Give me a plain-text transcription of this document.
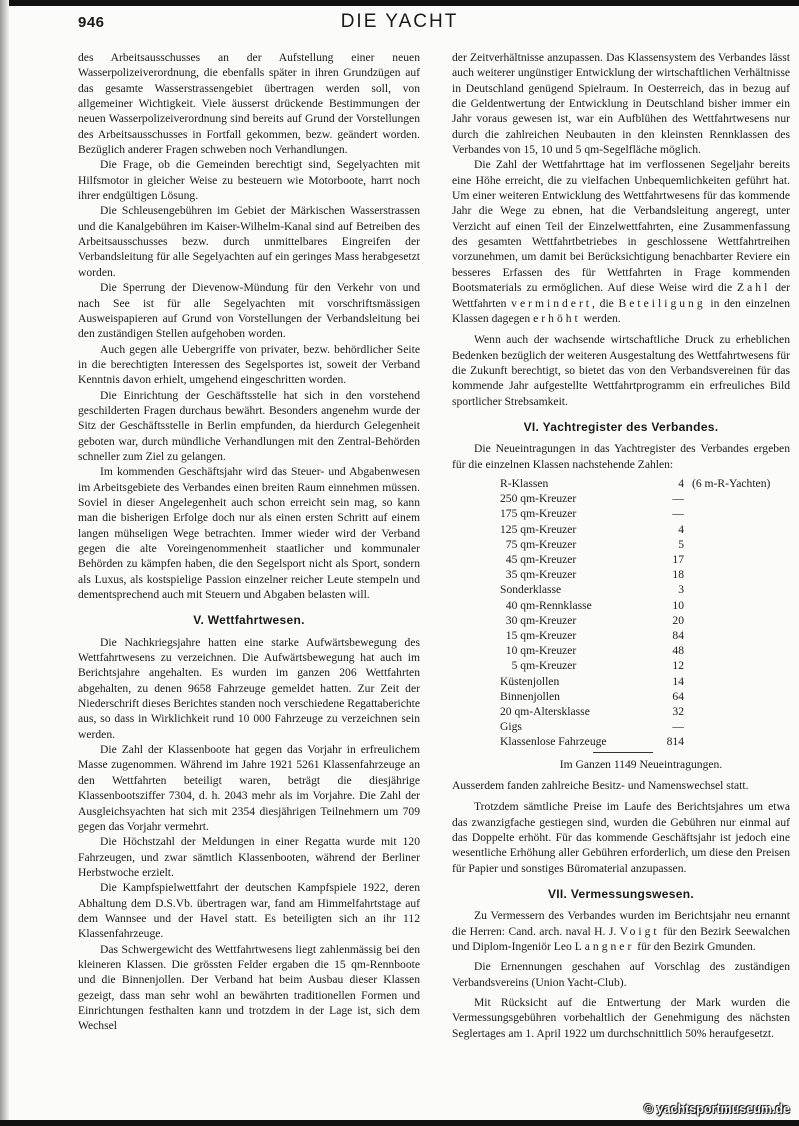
946	DIE YACHT

des Arbeitsausschusses an der Aufstellung einer neuen Wasserpolizeiverordnung, die ebenfalls später in ihren Grundzügen auf das gesamte Wasserstrassengebiet übertragen werden soll, von allgemeiner Wichtigkeit. Viele äusserst drückende Bestimmungen der neuen Wasserpolizeiverordnung sind bereits auf Grund der Vorstellungen des Arbeitsausschusses in Fortfall gekommen, bezw. geändert worden. Bezüglich anderer Fragen schweben noch Verhandlungen.

Die Frage, ob die Gemeinden berechtigt sind, Segelyachten mit Hilfsmotor in gleicher Weise zu besteuern wie Motorboote, harrt noch ihrer endgültigen Lösung.

Die Schleusengebühren im Gebiet der Märkischen Wasserstrassen und die Kanalgebühren im Kaiser-Wilhelm-Kanal sind auf Betreiben des Arbeitsausschusses bezw. durch unmittelbares Eingreifen der Verbandsleitung für alle Segelyachten auf ein geringes Mass herabgesetzt worden.

Die Sperrung der Dievenow-Mündung für den Verkehr von und nach See ist für alle Segelyachten mit vorschriftsmässigen Ausweispapieren auf Grund von Vorstellungen der Verbandsleitung bei den zuständigen Stellen aufgehoben worden.

Auch gegen alle Uebergriffe von privater, bezw. behördlicher Seite in die berechtigten Interessen des Segelsportes ist, soweit der Verband Kenntnis davon erhielt, umgehend eingeschritten worden.

Die Einrichtung der Geschäftsstelle hat sich in den vorstehend geschilderten Fragen durchaus bewährt. Besonders angenehm wurde der Sitz der Geschäftsstelle in Berlin empfunden, da hierdurch Gelegenheit geboten war, durch mündliche Verhandlungen mit den Zentral-Behörden schneller zum Ziel zu gelangen.

Im kommenden Geschäftsjahr wird das Steuer- und Abgabenwesen im Arbeitsgebiete des Verbandes einen breiten Raum einnehmen müssen. Soviel in dieser Angelegenheit auch schon erreicht sein mag, so kann man die bisherigen Erfolge doch nur als einen ersten Schritt auf einem langen mühseligen Wege betrachten. Immer wieder wird der Verband gegen die alte Voreingenommenheit staatlicher und kommunaler Behörden zu kämpfen haben, die den Segelsport nicht als Sport, sondern als Luxus, als kostspielige Passion einzelner reicher Leute stempeln und dementsprechend auch mit Steuern und Abgaben belasten will.

V. Wettfahrtwesen.

Die Nachkriegsjahre hatten eine starke Aufwärtsbewegung des Wettfahrtwesens zu verzeichnen. Die Aufwärtsbewegung hat auch im Berichtsjahre angehalten. Es wurden im ganzen 206 Wettfahrten abgehalten, zu denen 9658 Fahrzeuge gemeldet hatten. Zur Zeit der Niederschrift dieses Berichtes standen noch verschiedene Regattaberichte aus, so dass in Wirklichkeit rund 10 000 Fahrzeuge zu verzeichnen sein werden.

Die Zahl der Klassenboote hat gegen das Vorjahr in erfreulichem Masse zugenommen. Während im Jahre 1921 5261 Klassenfahrzeuge an den Wettfahrten beteiligt waren, beträgt die diesjährige Klassenbootsziffer 7304, d. h. 2043 mehr als im Vorjahre. Die Zahl der Ausgleichsyachten hat sich mit 2354 diesjährigen Teilnehmern um 709 gegen das Vorjahr vermehrt.

Die Höchstzahl der Meldungen in einer Regatta wurde mit 120 Fahrzeugen, und zwar sämtlich Klassenbooten, während der Berliner Herbstwoche erzielt.

Die Kampfspielwettfahrt der deutschen Kampfspiele 1922, deren Abhaltung dem D.S.Vb. übertragen war, fand am Himmelfahrtstage auf dem Wannsee und der Havel statt. Es beteiligten sich an ihr 112 Klassenfahrzeuge.

Das Schwergewicht des Wettfahrtwesens liegt zahlenmässig bei den kleineren Klassen. Die grössten Felder ergaben die 15 qm-Rennboote und die Binnenjollen. Der Verband hat beim Ausbau dieser Klassen gezeigt, dass man sehr wohl an bewährten traditionellen Formen und Einrichtungen festhalten kann und trotzdem in der Lage ist, sich dem Wechsel

der Zeitverhältnisse anzupassen. Das Klassensystem des Verbandes lässt auch weiterer ungünstiger Entwicklung der wirtschaftlichen Verhältnisse in Deutschland genügend Spielraum. In Oesterreich, das in bezug auf die Geldentwertung der Entwicklung in Deutschland bisher immer ein Jahr voraus gewesen ist, war ein Aufblühen des Wettfahrtwesens nur durch die zahlreichen Neubauten in den kleinsten Rennklassen des Verbandes von 15, 10 und 5 qm-Segelfläche möglich.

Die Zahl der Wettfahrttage hat im verflossenen Segeljahr bereits eine Höhe erreicht, die zu vielfachen Unbequemlichkeiten geführt hat. Um einer weiteren Entwicklung des Wettfahrtwesens für das kommende Jahr die Wege zu ebnen, hat die Verbandsleitung angeregt, unter Verzicht auf einen Teil der Einzelwettfahrten, eine Zusammenfassung des gesamten Wettfahrtbetriebes in geschlossene Wettfahrtreihen vorzunehmen, um damit bei Berücksichtigung benachbarter Reviere ein besseres Erfassen des für Wettfahrten in Frage kommenden Bootsmaterials zu ermöglichen. Auf diese Weise wird die Zahl der Wettfahrten vermindert, die Beteiligung in den einzelnen Klassen dagegen erhöht werden.

Wenn auch der wachsende wirtschaftliche Druck zu erheblichen Bedenken bezüglich der weiteren Ausgestaltung des Wettfahrtwesens für die Zukunft berechtigt, so bietet das von den Verbandsvereinen für das kommende Jahr aufgestellte Wettfahrtprogramm ein erfreuliches Bild sportlicher Strebsamkeit.

VI. Yachtregister des Verbandes.

Die Neueintragungen in das Yachtregister des Verbandes ergeben für die einzelnen Klassen nachstehende Zahlen:

R-Klassen	4	(6 m-R-Yachten)
250 qm-Kreuzer	—	
175 qm-Kreuzer	—	
125 qm-Kreuzer	4	
75 qm-Kreuzer	5	
45 qm-Kreuzer	17	
35 qm-Kreuzer	18	
Sonderklasse	3	
40 qm-Rennklasse	10	
30 qm-Kreuzer	20	
15 qm-Kreuzer	84	
10 qm-Kreuzer	48	
5 qm-Kreuzer	12	
Küstenjollen	14	
Binnenjollen	64	
20 qm-Altersklasse	32	
Gigs	—	
Klassenlose Fahrzeuge	814	
Im Ganzen 1149 Neueintragungen.

Ausserdem fanden zahlreiche Besitz- und Namenswechsel statt.

Trotzdem sämtliche Preise im Laufe des Berichtsjahres um etwa das zwanzigfache gestiegen sind, wurden die Gebühren nur einmal auf das Doppelte erhöht. Für das kommende Geschäftsjahr ist jedoch eine wesentliche Erhöhung aller Gebühren erforderlich, um diese den Preisen für Papier und sonstiges Büromaterial anzupassen.

VII. Vermessungswesen.

Zu Vermessern des Verbandes wurden im Berichtsjahr neu ernannt die Herren: Cand. arch. naval H. J. Voigt für den Bezirk Seewalchen und Diplom-Ingeniör Leo Langner für den Bezirk Gmunden.

Die Ernennungen geschahen auf Vorschlag des zuständigen Verbandsvereins (Union Yacht-Club).

Mit Rücksicht auf die Entwertung der Mark wurden die Vermessungsgebühren vorbehaltlich der Genehmigung des nächsten Seglertages am 1. April 1922 um durchschnittlich 50% heraufgesetzt.

© yachtsportmuseum.de
